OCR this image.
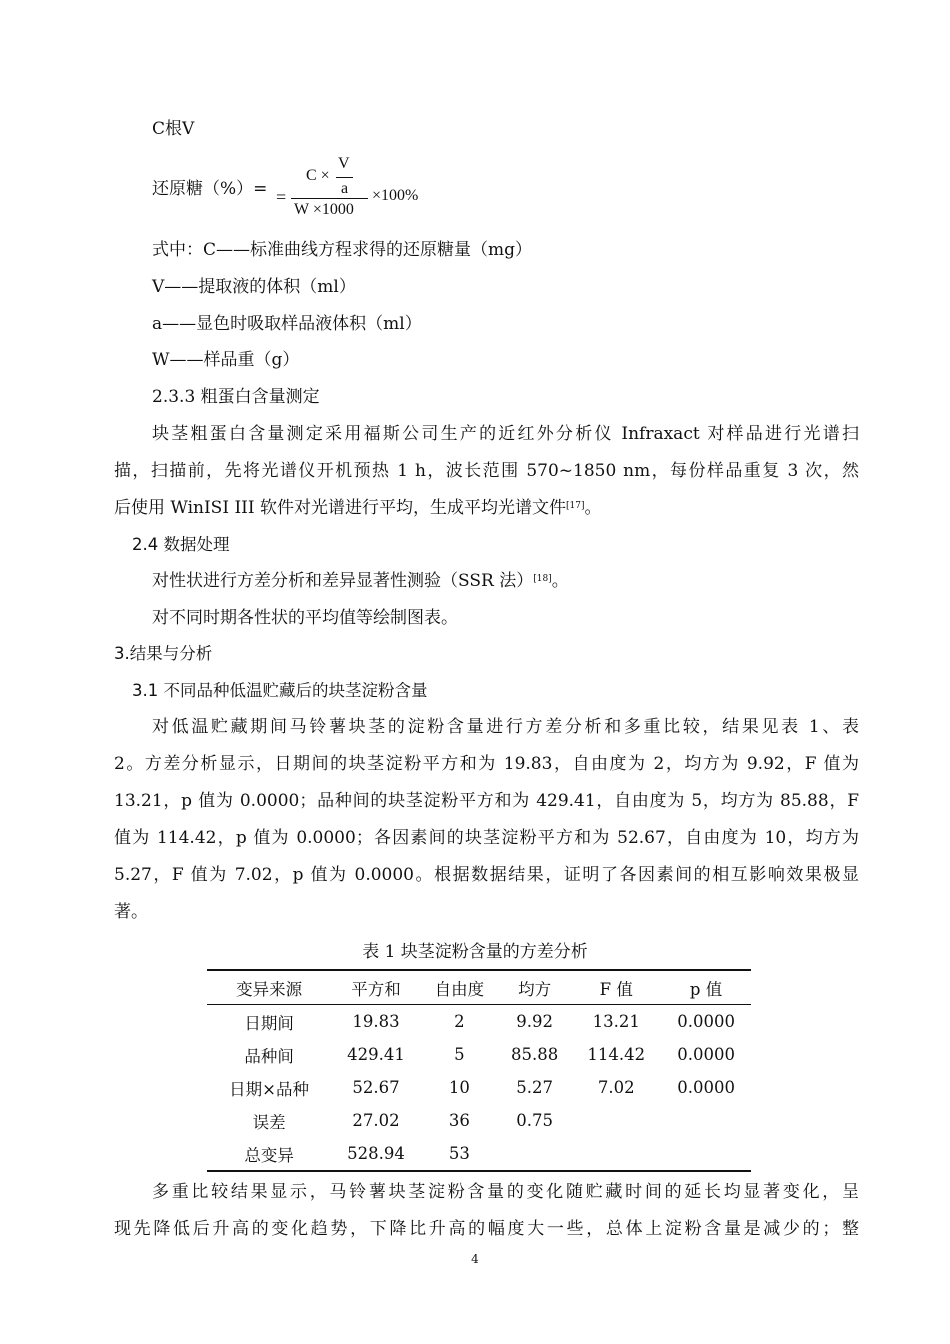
C根V
还原糖（%）= =
C ×
V
a
W ×1000
×100%
式中：C——标准曲线方程求得的还原糖量（mg）
V——提取液的体积（ml）
a——显色时吸取样品液体积（ml）
W——样品重（g）
2.3.3 粗蛋白含量测定
块茎粗蛋白含量测定采用福斯公司生产的近红外分析仪 Infraxact 对样品进行光谱扫
描，扫描前，先将光谱仪开机预热 1 h，波长范围 570~1850 nm，每份样品重复 3 次，然
后使用 WinISI III 软件对光谱进行平均，生成平均光谱文件[17]。
2.4 数据处理
对性状进行方差分析和差异显著性测验（SSR 法）[18]。
对不同时期各性状的平均值等绘制图表。
3.结果与分析
3.1 不同品种低温贮藏后的块茎淀粉含量
对低温贮藏期间马铃薯块茎的淀粉含量进行方差分析和多重比较，结果见表 1、表
2。方差分析显示，日期间的块茎淀粉平方和为 19.83，自由度为 2，均方为 9.92，F 值为
13.21，p 值为 0.0000；品种间的块茎淀粉平方和为 429.41，自由度为 5，均方为 85.88，F
值为 114.42，p 值为 0.0000；各因素间的块茎淀粉平方和为 52.67，自由度为 10，均方为
5.27，F 值为 7.02，p 值为 0.0000。根据数据结果，证明了各因素间的相互影响效果极显
著。
表 1 块茎淀粉含量的方差分析
变异来源	平方和	自由度	均方	F 值	p 值
日期间	19.83	2	9.92	13.21	0.0000
品种间	429.41	5	85.88	114.42	0.0000
日期×品种	52.67	10	5.27	7.02	0.0000
误差	27.02	36	0.75		
总变异	528.94	53			
多重比较结果显示，马铃薯块茎淀粉含量的变化随贮藏时间的延长均显著变化，呈
现先降低后升高的变化趋势，下降比升高的幅度大一些，总体上淀粉含量是减少的；整
4
